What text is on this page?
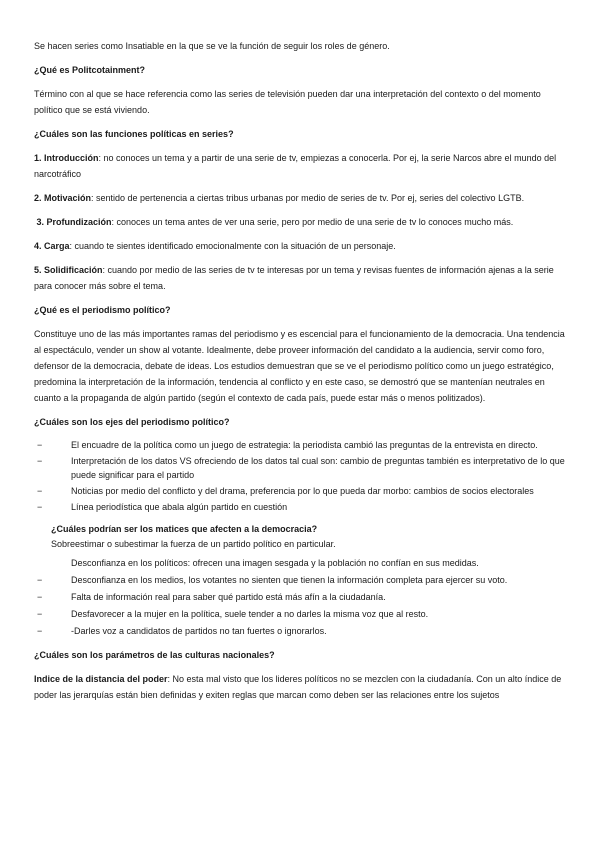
Se hacen series como Insatiable en la que se ve la función de seguir los roles de género.

¿Qué es Politcotainment?

Término con al que se hace referencia como las series de televisión pueden dar una interpretación del contexto o del momento político que se está viviendo.

¿Cuáles son las funciones políticas en series?

1. Introducción: no conoces un tema y a partir de una serie de tv, empiezas a conocerla. Por ej, la serie Narcos abre el mundo del narcotráfico

2. Motivación: sentido de pertenencia a ciertas tribus urbanas por medio de series de tv. Por ej, series del colectivo LGTB.

3. Profundización: conoces un tema antes de ver una serie, pero por medio de una serie de tv lo conoces mucho más.

4. Carga: cuando te sientes identificado emocionalmente con la situación de un personaje.

5. Solidificación: cuando por medio de las series de tv te interesas por un tema y revisas fuentes de información ajenas a la serie para conocer más sobre el tema.

¿Qué es el periodismo político?

Constituye uno de las más importantes ramas del periodismo y es escencial para el funcionamiento de la democracia. Una tendencia al espectáculo, vender un show al votante. Idealmente, debe proveer información del candidato a la audiencia, servir como foro, defensor de la democracia, debate de ideas. Los estudios demuestran que se ve el periodismo político como un juego estratégico, predomina la interpretación de la información, tendencia al conflicto y en este caso, se demostró que se mantenían neutrales en cuanto a la propaganda de algún partido (según el contexto de cada país, puede estar más o menos politizados).

¿Cuáles son los ejes del periodismo político?

−	El encuadre de la política como un juego de estrategia: la periodista cambió las preguntas de la entrevista en directo.
−	Interpretación de los datos VS ofreciendo de los datos tal cual son: cambio de preguntas también es interpretativo de lo que puede significar para el partido
−	Noticias por medio del conflicto y del drama, preferencia por lo que pueda dar morbo: cambios de socios electorales
−	Línea periodística que abala algún partido en cuestión

¿Cuáles podrían ser los matices que afecten a la democracia?

Sobreestimar o subestimar la fuerza de un partido político en particular.

Desconfianza en los políticos: ofrecen una imagen sesgada y la población no confían en sus medidas.
−	Desconfianza en los medios, los votantes no sienten que tienen la información completa para ejercer su voto.
−	Falta de información real para saber qué partido está más afín a la ciudadanía.
−	Desfavorecer a la mujer en la política, suele tender a no darles la misma voz que al resto.
−	-Darles voz a candidatos de partidos no tan fuertes o ignorarlos.

¿Cuáles son los parámetros de las culturas nacionales?

Indice de la distancia del poder: No esta mal visto que los lideres políticos no se mezclen con la ciudadanía. Con un alto índice de poder las jerarquías están bien definidas y exiten reglas que marcan como deben ser las relaciones entre los sujetos
